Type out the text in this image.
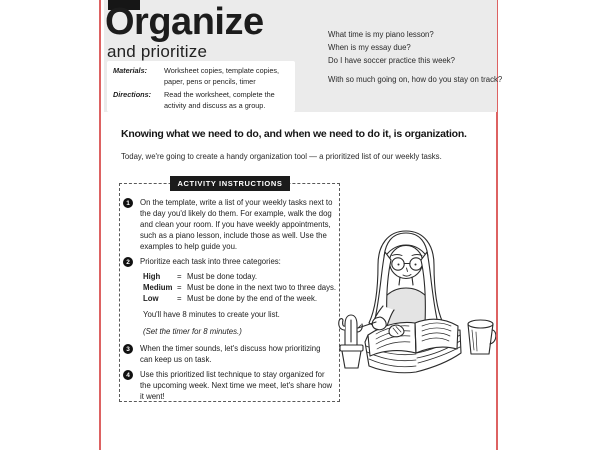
Organize
and prioritize
Materials:	Worksheet copies, template copies, paper, pens or pencils, timer
Directions:	Read the worksheet, complete the activity and discuss as a group.
What time is my piano lesson?
When is my essay due?
Do I have soccer practice this week?
With so much going on, how do you stay on track?
Knowing what we need to do, and when we need to do it, is organization.
Today, we're going to create a handy organization tool — a prioritized list of our weekly tasks.
ACTIVITY INSTRUCTIONS
1	On the template, write a list of your weekly tasks next to the day you'd likely do them. For example, walk the dog and clean your room. If you have weekly appointments, such as a piano lesson, include those as well. Use the examples to help guide you.
2	Prioritize each task into three categories:
High	= Must be done today.
Medium = Must be done in the next two to three days.
Low	= Must be done by the end of the week.
You'll have 8 minutes to create your list.
(Set the timer for 8 minutes.)
3	When the timer sounds, let's discuss how prioritizing can keep us on task.
4	Use this prioritized list technique to stay organized for the upcoming week. Next time we meet, let's share how it went!
